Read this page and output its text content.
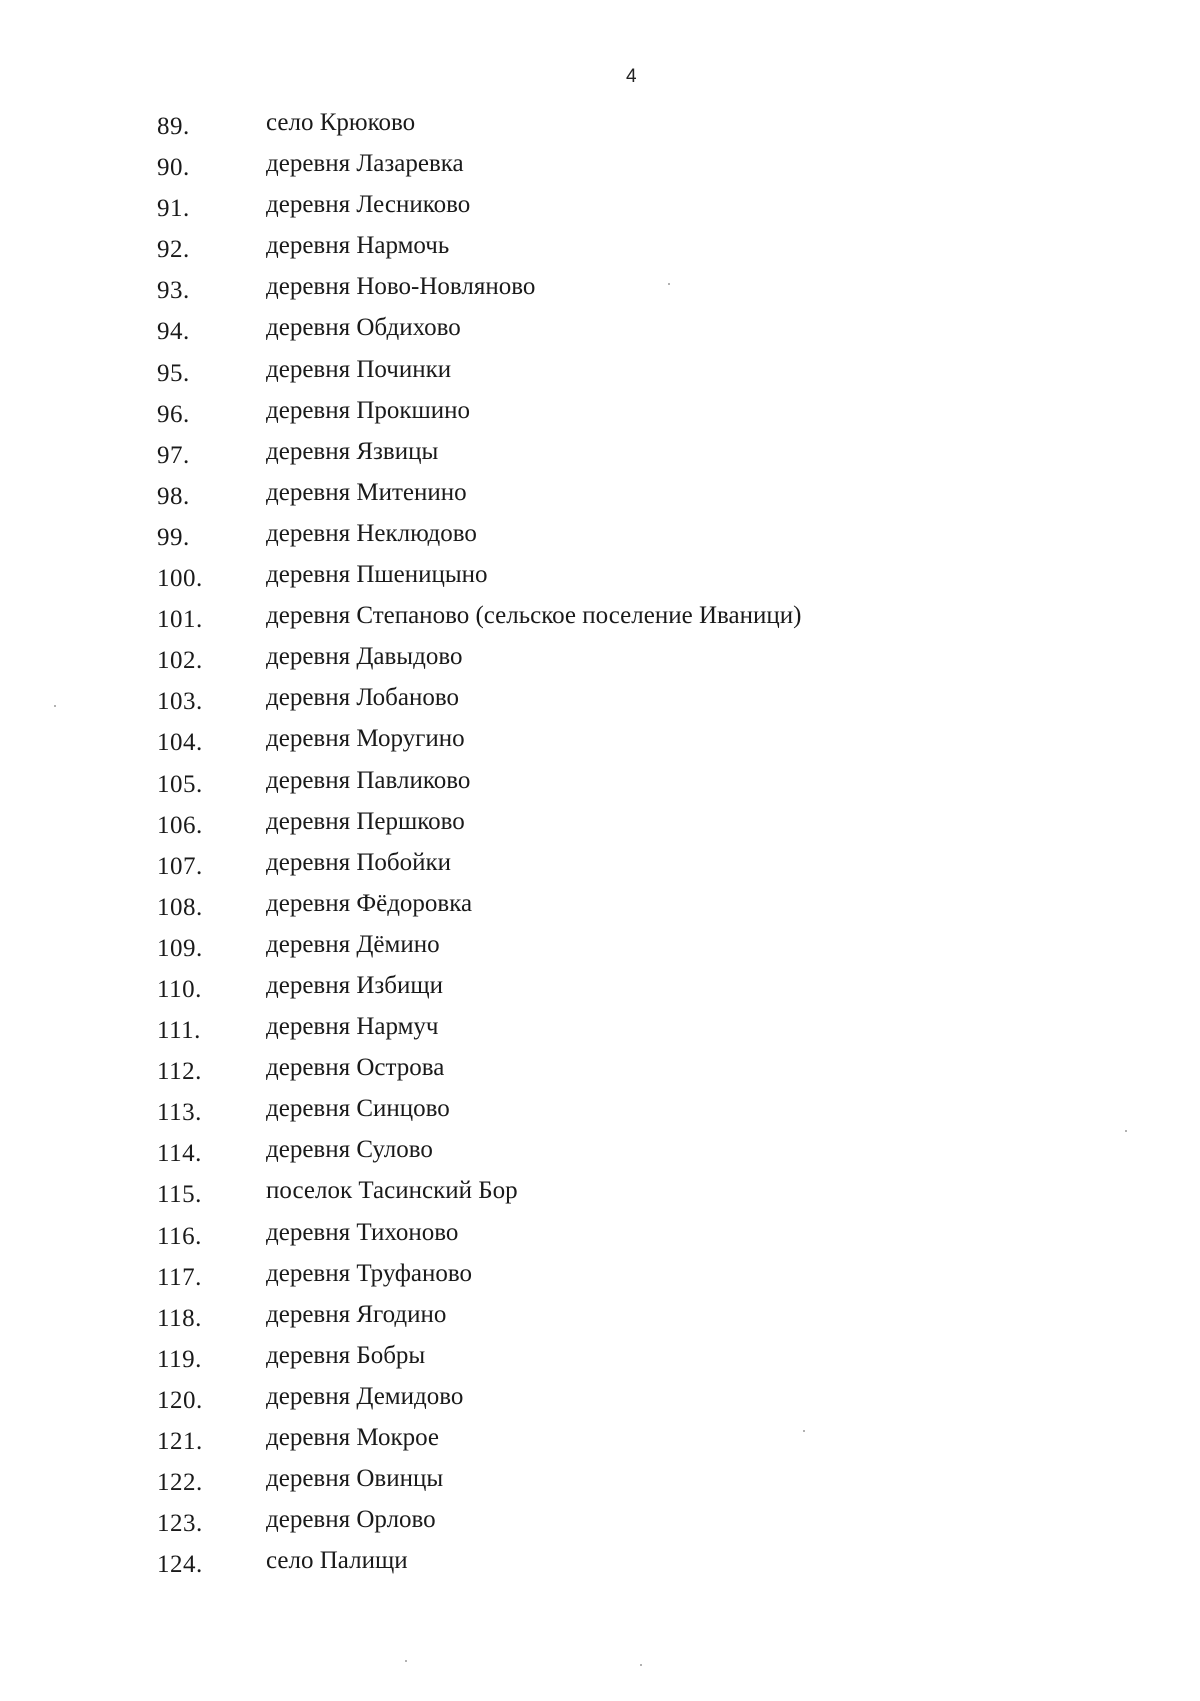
4
89.	село Крюково
90.	деревня Лазаревка
91.	деревня Лесниково
92.	деревня Нармочь
93.	деревня Ново-Новляново
94.	деревня Обдихово
95.	деревня Починки
96.	деревня Прокшино
97.	деревня Язвицы
98.	деревня Митенино
99.	деревня Неклюдово
100.	деревня Пшеницыно
101.	деревня Степаново (сельское поселение Иваници)
102.	деревня Давыдово
103.	деревня Лобаново
104.	деревня Моругино
105.	деревня Павликово
106.	деревня Першково
107.	деревня Побойки
108.	деревня Фёдоровка
109.	деревня Дёмино
110.	деревня Избищи
111.	деревня Нармуч
112.	деревня Острова
113.	деревня Синцово
114.	деревня Сулово
115.	поселок Тасинский Бор
116.	деревня Тихоново
117.	деревня Труфаново
118.	деревня Ягодино
119.	деревня Бобры
120.	деревня Демидово
121.	деревня Мокрое
122.	деревня Овинцы
123.	деревня Орлово
124.	село Палищи
